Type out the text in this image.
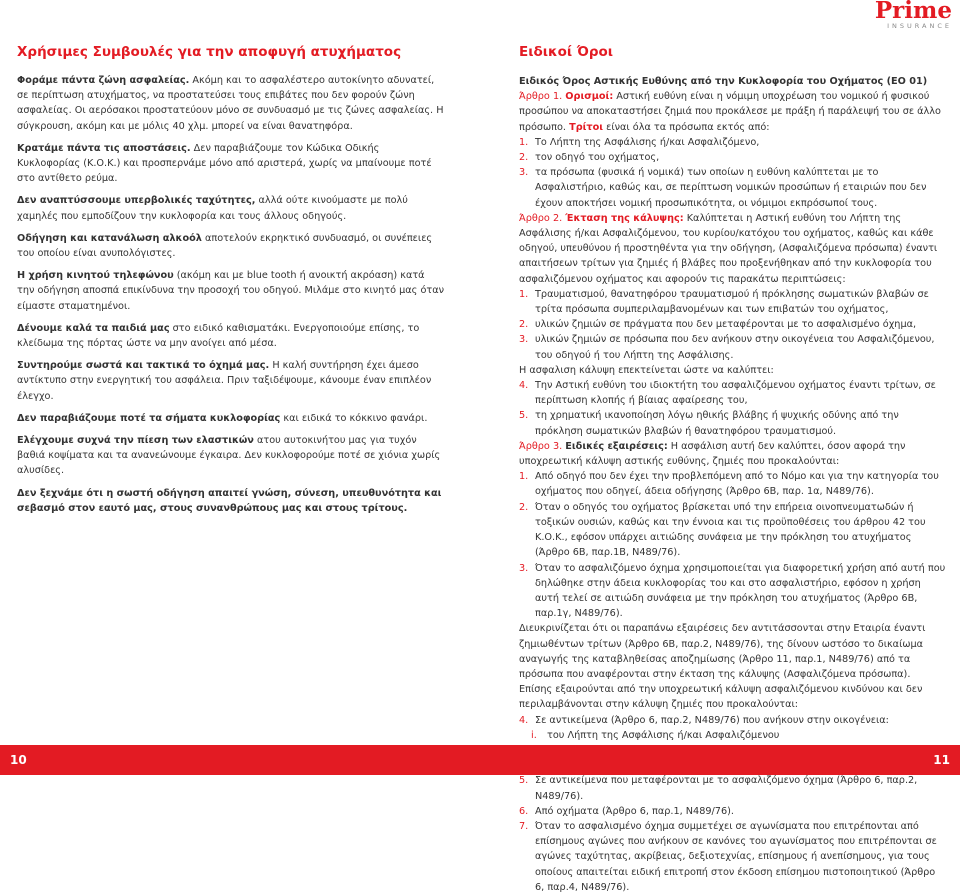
Prime
INSURANCE
Χρήσιμες Συμβουλές για την αποφυγή ατυχήματος

Φοράμε πάντα ζώνη ασφαλείας. Ακόμη και το ασφαλέστερο αυτοκίνητο αδυνατεί, σε περίπτωση ατυχήματος, να προστατεύσει τους επιβάτες που δεν φορούν ζώνη ασφαλείας. Οι αερόσακοι προστατεύουν μόνο σε συνδυασμό με τις ζώνες ασφαλείας. Η σύγκρουση, ακόμη και με μόλις 40 χλμ. μπορεί να είναι θανατηφόρα.

Κρατάμε πάντα τις αποστάσεις. Δεν παραβιάζουμε τον Κώδικα Οδικής Κυκλοφορίας (Κ.Ο.Κ.) και προσπερνάμε μόνο από αριστερά, χωρίς να μπαίνουμε ποτέ στο αντίθετο ρεύμα.

Δεν αναπτύσσουμε υπερβολικές ταχύτητες, αλλά ούτε κινούμαστε με πολύ χαμηλές που εμποδίζουν την κυκλοφορία και τους άλλους οδηγούς.

Οδήγηση και κατανάλωση αλκοόλ αποτελούν εκρηκτικό συνδυασμό, οι συνέπειες του οποίου είναι ανυπολόγιστες.

Η χρήση κινητού τηλεφώνου (ακόμη και με blue tooth ή ανοικτή ακρόαση) κατά την οδήγηση αποσπά επικίνδυνα την προσοχή του οδηγού. Μιλάμε στο κινητό μας όταν είμαστε σταματημένοι.

Δένουμε καλά τα παιδιά μας στο ειδικό καθισματάκι. Ενεργοποιούμε επίσης, το κλείδωμα της πόρτας ώστε να μην ανοίγει από μέσα.

Συντηρούμε σωστά και τακτικά το όχημά μας. Η καλή συντήρηση έχει άμεσο αντίκτυπο στην ενεργητική του ασφάλεια. Πριν ταξιδέψουμε, κάνουμε έναν επιπλέον έλεγχο.

Δεν παραβιάζουμε ποτέ τα σήματα κυκλοφορίας και ειδικά το κόκκινο φανάρι.

Ελέγχουμε συχνά την πίεση των ελαστικών ατου αυτοκινήτου μας για τυχόν βαθιά κοψίματα και τα ανανεώνουμε έγκαιρα. Δεν κυκλοφορούμε ποτέ σε χιόνια χωρίς αλυσίδες.

Δεν ξεχνάμε ότι η σωστή οδήγηση απαιτεί γνώση, σύνεση, υπευθυνότητα και σεβασμό στον εαυτό μας, στους συνανθρώπους μας και στους τρίτους.

Ειδικοί Όροι

Ειδικός Όρος Αστικής Ευθύνης από την Κυκλοφορία του Οχήματος (ΕΟ 01)

Άρθρο 1. Ορισμοί: Αστική ευθύνη είναι η νόμιμη υποχρέωση του νομικού ή φυσικού προσώπου να αποκαταστήσει ζημιά που προκάλεσε με πράξη ή παράλειψή του σε άλλο πρόσωπο. Τρίτοι είναι όλα τα πρόσωπα εκτός από:

1. Το Λήπτη της Ασφάλισης ή/και Ασφαλιζόμενο,
2. τον οδηγό του οχήματος,
3. τα πρόσωπα (φυσικά ή νομικά) των οποίων η ευθύνη καλύπτεται με το Ασφαλιστήριο, καθώς και, σε περίπτωση νομικών προσώπων ή εταιριών που δεν έχουν αποκτήσει νομική προσωπικότητα, οι νόμιμοι εκπρόσωποί τους.

Άρθρο 2. Έκταση της κάλυψης: Καλύπτεται η Αστική ευθύνη του Λήπτη της Ασφάλισης ή/και Ασφαλιζόμενου, του κυρίου/κατόχου του οχήματος, καθώς και κάθε οδηγού, υπευθύνου ή προστηθέντα για την οδήγηση, (Ασφαλιζόμενα πρόσωπα) έναντι απαιτήσεων τρίτων για ζημιές ή βλάβες που προξενήθηκαν από την κυκλοφορία του ασφαλιζόμενου οχήματος και αφορούν τις παρακάτω περιπτώσεις:

1. Τραυματισμού, θανατηφόρου τραυματισμού ή πρόκλησης σωματικών βλαβών σε τρίτα πρόσωπα συμπεριλαμβανομένων και των επιβατών του οχήματος,
2. υλικών ζημιών σε πράγματα που δεν μεταφέρονται με το ασφαλισμένο όχημα,
3. υλικών ζημιών σε πρόσωπα που δεν ανήκουν στην οικογένεια του Ασφαλιζόμενου, του οδηγού ή του Λήπτη της Ασφάλισης.

Η ασφαλιση κάλυψη επεκτείνεται ώστε να καλύπτει:

4. Την Αστική ευθύνη του ιδιοκτήτη του ασφαλιζόμενου οχήματος έναντι τρίτων, σε περίπτωση κλοπής ή βίαιας αφαίρεσης του,
5. τη χρηματική ικανοποίηση λόγω ηθικής βλάβης ή ψυχικής οδύνης από την πρόκληση σωματικών βλαβών ή θανατηφόρου τραυματισμού.

Άρθρο 3. Ειδικές εξαιρέσεις: Η ασφάλιση αυτή δεν καλύπτει, όσον αφορά την υποχρεωτική κάλυψη αστικής ευθύνης, ζημιές που προκαλούνται:

1. Από οδηγό που δεν έχει την προβλεπόμενη από το Νόμο και για την κατηγορία του οχήματος που οδηγεί, άδεια οδήγησης (Άρθρο 6Β, παρ. 1α, Ν489/76).
2. Όταν ο οδηγός του οχήματος βρίσκεται υπό την επήρεια οινοπνευματωδών ή τοξικών ουσιών, καθώς και την έννοια και τις προϋποθέσεις του άρθρου 42 του Κ.Ο.Κ., εφόσον υπάρχει αιτιώδης συνάφεια με την πρόκληση του ατυχήματος (Άρθρο 6Β, παρ.1Β, Ν489/76).
3. Όταν το ασφαλιζόμενο όχημα χρησιμοποιείται για διαφορετική χρήση από αυτή που δηλώθηκε στην άδεια κυκλοφορίας του και στο ασφαλιστήριο, εφόσον η χρήση αυτή τελεί σε αιτιώδη συνάφεια με την πρόκληση του ατυχήματος (Άρθρο 6Β, παρ.1γ, Ν489/76).

Διευκρινίζεται ότι οι παραπάνω εξαιρέσεις δεν αντιτάσσονται στην Εταιρία έναντι ζημιωθέντων τρίτων (Άρθρο 6Β, παρ.2, Ν489/76), της δίνουν ωστόσο το δικαίωμα αναγωγής της καταβληθείσας αποζημίωσης (Άρθρο 11, παρ.1, Ν489/76) από τα πρόσωπα που αναφέρονται στην έκταση της κάλυψης (Ασφαλιζόμενα πρόσωπα).

Επίσης εξαιρούνται από την υποχρεωτική κάλυψη ασφαλιζόμενου κινδύνου και δεν περιλαμβάνονται στην κάλυψη ζημιές που προκαλούνται:

4. Σε αντικείμενα (Άρθρο 6, παρ.2, Ν489/76) που ανήκουν στην οικογένεια:
i.	του Λήπτη της Ασφάλισης ή/και Ασφαλιζόμενου
5. Σε αντικείμενα που μεταφέρονται με το ασφαλιζόμενο όχημα (Άρθρο 6, παρ.2, Ν489/76).
6. Από οχήματα (Άρθρο 6, παρ.1, Ν489/76).
7. Όταν το ασφαλισμένο όχημα συμμετέχει σε αγωνίσματα που επιτρέπονται από επίσημους αγώνες που ανήκουν σε κανόνες του αγωνίσματος που επιτρέπονται σε αγώνες ταχύτητας, ακρίβειας, δεξιοτεχνίας, επίσημους ή ανεπίσημους, για τους οποίους απαιτείται ειδική επιτροπή στον έκδοση επίσημου πιστοποιητικού (Άρθρο 6, παρ.4, Ν489/76).
10	11
